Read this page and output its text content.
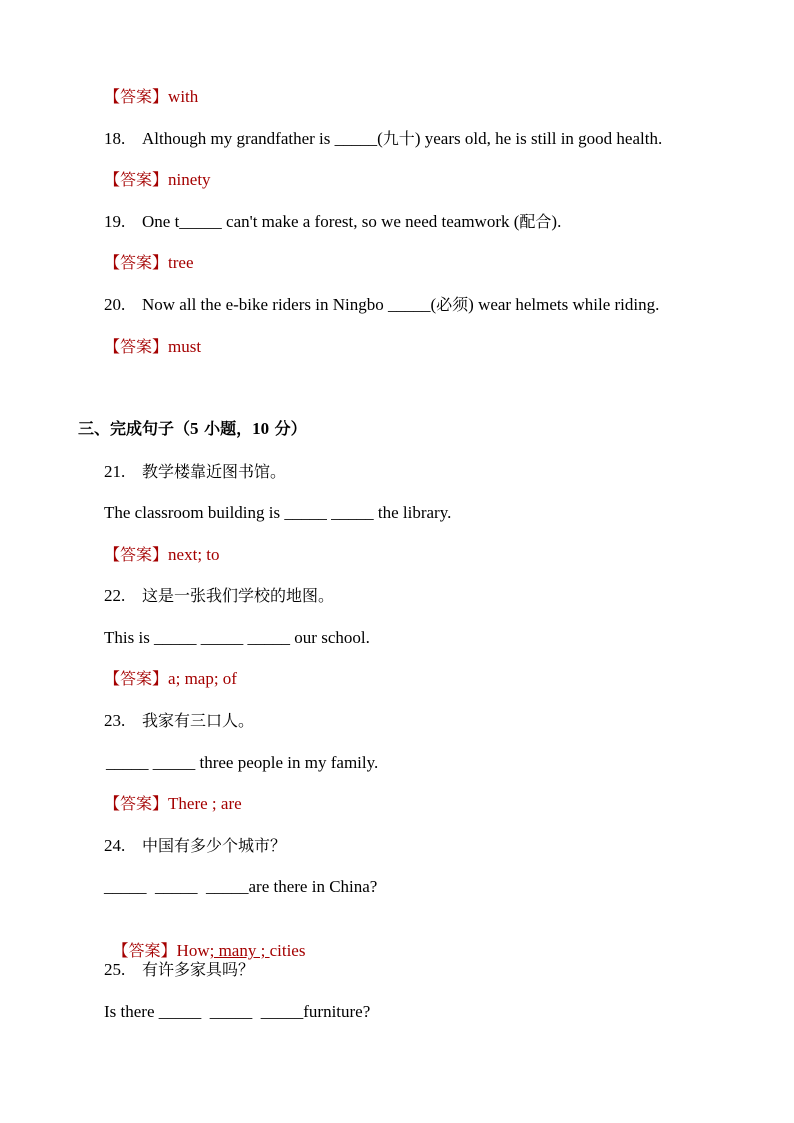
【答案】with
18. Although my grandfather is _____(九十) years old, he is still in good health.
【答案】ninety
19. One t_____ can't make a forest, so we need teamwork (配合).
【答案】tree
20. Now all the e-bike riders in Ningbo _____(必须) wear helmets while riding.
【答案】must
三、完成句子（5 小题，10 分）
21. 教学楼靠近图书馆。
The classroom building is _____ _____ the library.
【答案】next; to
22. 这是一张我们学校的地图。
This is _____ _____ _____ our school.
【答案】a; map; of
23. 我家有三口人。
_____ _____ three people in my family.
【答案】There ; are
24. 中国有多少个城市？
_____  _____  _____are there in China?

【答案】How; many ; cities

25. 有许多家具吗？
Is there _____  _____  _____furniture?
